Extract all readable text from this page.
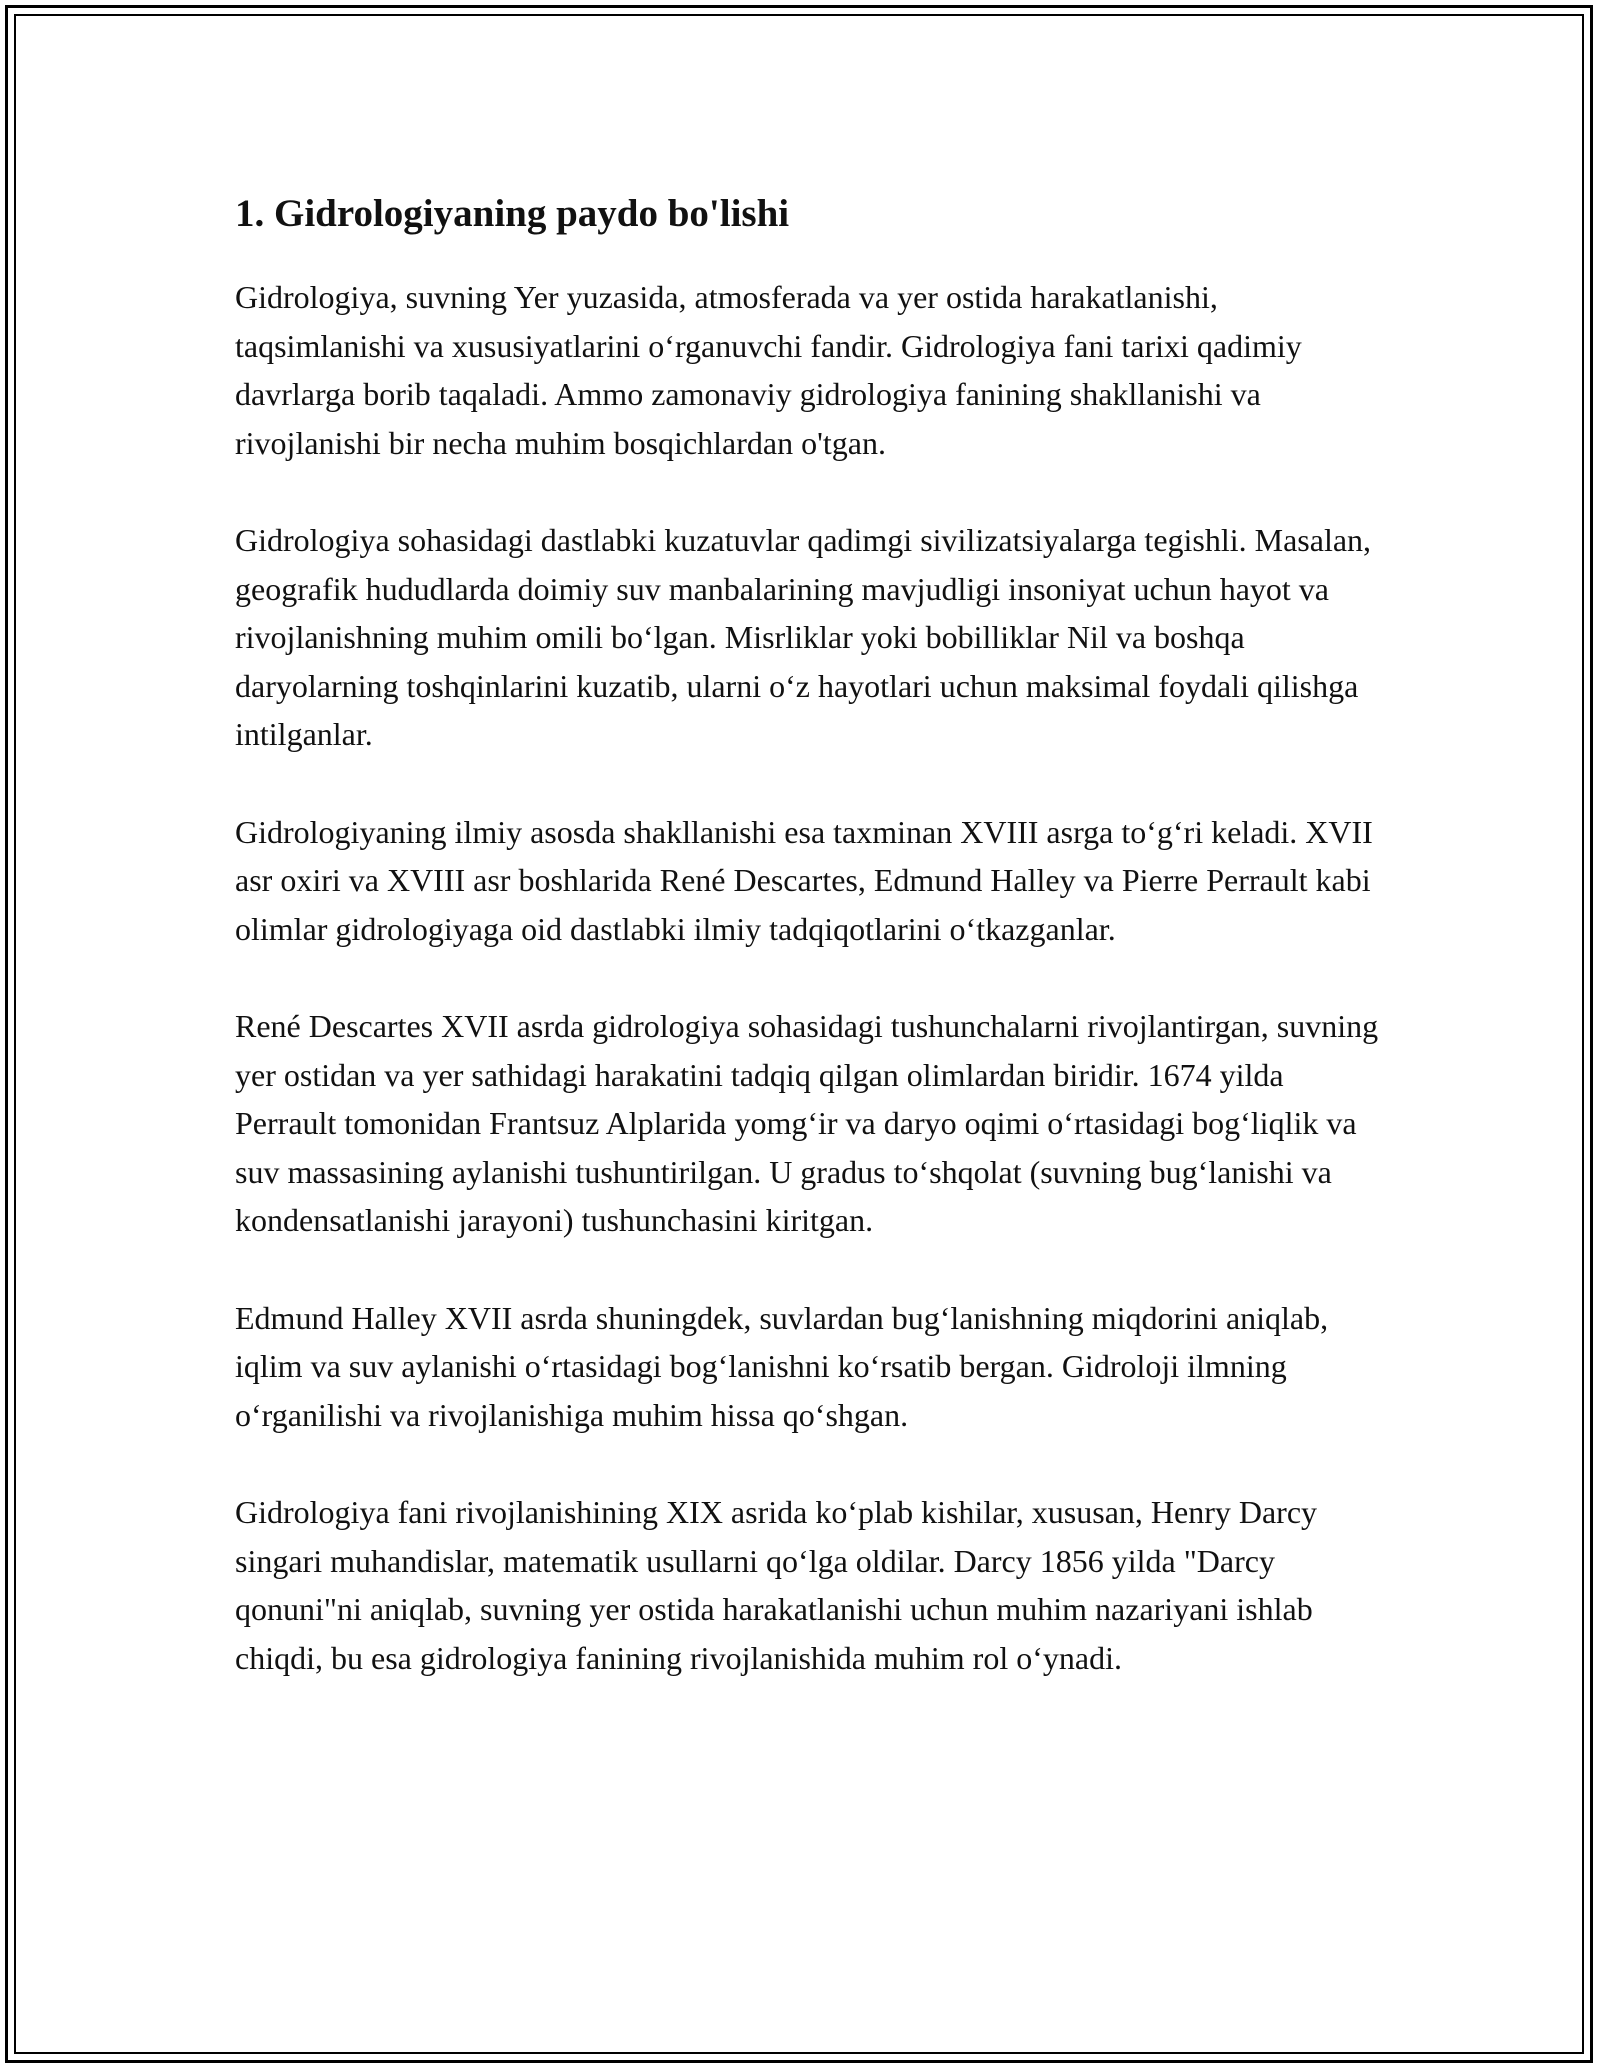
1. Gidrologiyaning paydo bo'lishi

Gidrologiya, suvning Yer yuzasida, atmosferada va yer ostida harakatlanishi, taqsimlanishi va xususiyatlarini o‘rganuvchi fandir. Gidrologiya fani tarixi qadimiy davrlarga borib taqaladi. Ammo zamonaviy gidrologiya fanining shakllanishi va rivojlanishi bir necha muhim bosqichlardan o'tgan.

Gidrologiya sohasidagi dastlabki kuzatuvlar qadimgi sivilizatsiyalarga tegishli. Masalan, geografik hududlarda doimiy suv manbalarining mavjudligi insoniyat uchun hayot va rivojlanishning muhim omili bo‘lgan. Misrliklar yoki bobilliklar Nil va boshqa daryolarning toshqinlarini kuzatib, ularni o‘z hayotlari uchun maksimal foydali qilishga intilganlar.

Gidrologiyaning ilmiy asosda shakllanishi esa taxminan XVIII asrga to‘g‘ri keladi. XVII asr oxiri va XVIII asr boshlarida René Descartes, Edmund Halley va Pierre Perrault kabi olimlar gidrologiyaga oid dastlabki ilmiy tadqiqotlarini o‘tkazganlar.

René Descartes XVII asrda gidrologiya sohasidagi tushunchalarni rivojlantirgan, suvning yer ostidan va yer sathidagi harakatini tadqiq qilgan olimlardan biridir. 1674 yilda Perrault tomonidan Frantsuz Alplarida yomg‘ir va daryo oqimi o‘rtasidagi bog‘liqlik va suv massasining aylanishi tushuntirilgan. U gradus to‘shqolat (suvning bug‘lanishi va kondensatlanishi jarayoni) tushunchasini kiritgan.

Edmund Halley XVII asrda shuningdek, suvlardan bug‘lanishning miqdorini aniqlab, iqlim va suv aylanishi o‘rtasidagi bog‘lanishni ko‘rsatib bergan. Gidroloji ilmning o‘rganilishi va rivojlanishiga muhim hissa qo‘shgan.

Gidrologiya fani rivojlanishining XIX asrida ko‘plab kishilar, xususan, Henry Darcy singari muhandislar, matematik usullarni qo‘lga oldilar. Darcy 1856 yilda "Darcy qonuni"ni aniqlab, suvning yer ostida harakatlanishi uchun muhim nazariyani ishlab chiqdi, bu esa gidrologiya fanining rivojlanishida muhim rol o‘ynadi.
